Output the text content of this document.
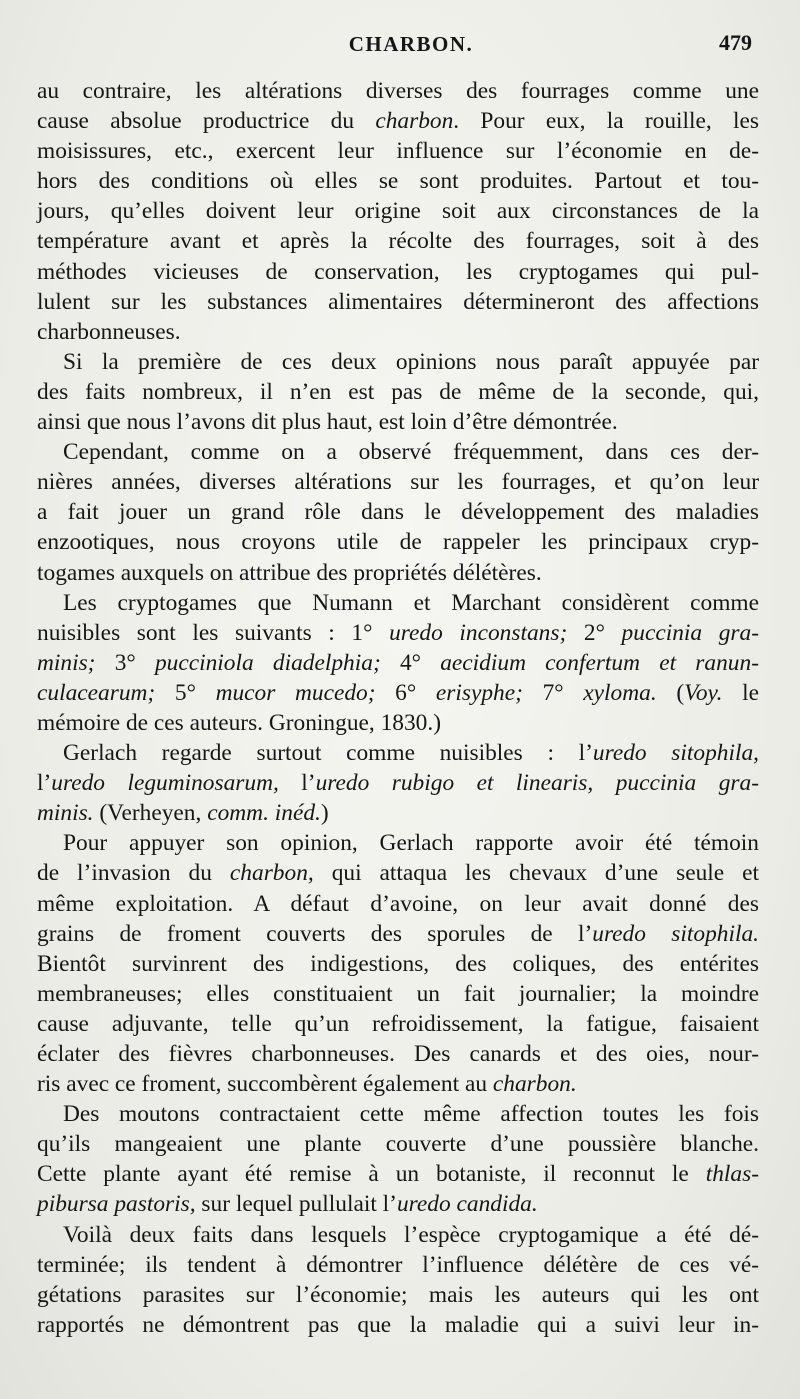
CHARBON.	479
au contraire, les altérations diverses des fourrages comme une
cause absolue productrice du charbon. Pour eux, la rouille, les
moisissures, etc., exercent leur influence sur l’économie en de-
hors des conditions où elles se sont produites. Partout et tou-
jours, qu’elles doivent leur origine soit aux circonstances de la
température avant et après la récolte des fourrages, soit à des
méthodes vicieuses de conservation, les cryptogames qui pul-
lulent sur les substances alimentaires détermineront des affections
charbonneuses.
Si la première de ces deux opinions nous paraît appuyée par
des faits nombreux, il n’en est pas de même de la seconde, qui,
ainsi que nous l’avons dit plus haut, est loin d’être démontrée.
Cependant, comme on a observé fréquemment, dans ces der-
nières années, diverses altérations sur les fourrages, et qu’on leur
a fait jouer un grand rôle dans le développement des maladies
enzootiques, nous croyons utile de rappeler les principaux cryp-
togames auxquels on attribue des propriétés délétères.
Les cryptogames que Numann et Marchant considèrent comme
nuisibles sont les suivants : 1° uredo inconstans; 2° puccinia gra-
minis; 3° pucciniola diadelphia; 4° aecidium confertum et ranun-
culacearum; 5° mucor mucedo; 6° erisyphe; 7° xyloma. (Voy. le
mémoire de ces auteurs. Groningue, 1830.)
Gerlach regarde surtout comme nuisibles : l’uredo sitophila,
l’uredo leguminosarum, l’uredo rubigo et linearis, puccinia gra-
minis. (Verheyen, comm. inéd.)
Pour appuyer son opinion, Gerlach rapporte avoir été témoin
de l’invasion du charbon, qui attaqua les chevaux d’une seule et
même exploitation. A défaut d’avoine, on leur avait donné des
grains de froment couverts des sporules de l’uredo sitophila.
Bientôt survinrent des indigestions, des coliques, des entérites
membraneuses; elles constituaient un fait journalier; la moindre
cause adjuvante, telle qu’un refroidissement, la fatigue, faisaient
éclater des fièvres charbonneuses. Des canards et des oies, nour-
ris avec ce froment, succombèrent également au charbon.
Des moutons contractaient cette même affection toutes les fois
qu’ils mangeaient une plante couverte d’une poussière blanche.
Cette plante ayant été remise à un botaniste, il reconnut le thlas-
pibursa pastoris, sur lequel pullulait l’uredo candida.
Voilà deux faits dans lesquels l’espèce cryptogamique a été dé-
terminée; ils tendent à démontrer l’influence délétère de ces vé-
gétations parasites sur l’économie; mais les auteurs qui les ont
rapportés ne démontrent pas que la maladie qui a suivi leur in-
